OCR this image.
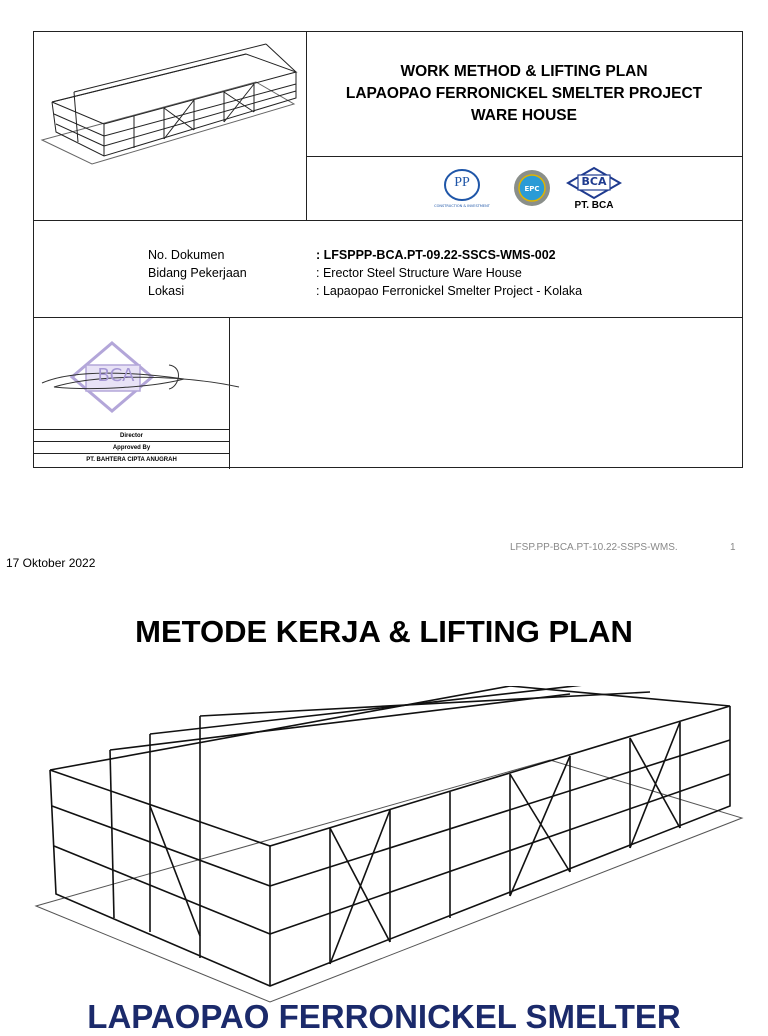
WORK METHOD & LIFTING PLAN
LAPAOPAO FERRONICKEL SMELTER PROJECT
WARE HOUSE
PP
CONSTRUCTION & INVESTMENT
EPC
BCA
PT. BCA
No. Dokumen	: LFSPPP-BCA.PT-09.22-SSCS-WMS-002
Bidang Pekerjaan	: Erector Steel Structure Ware House
Lokasi	: Lapaopao Ferronickel Smelter Project - Kolaka
BCA
Director
Approved By
PT. BAHTERA CIPTA ANUGRAH
17 Oktober 2022
LFSP.PP-BCA.PT-10.22-SSPS-WMS.	1
METODE KERJA & LIFTING PLAN
LAPAOPAO FERRONICKEL SMELTER
